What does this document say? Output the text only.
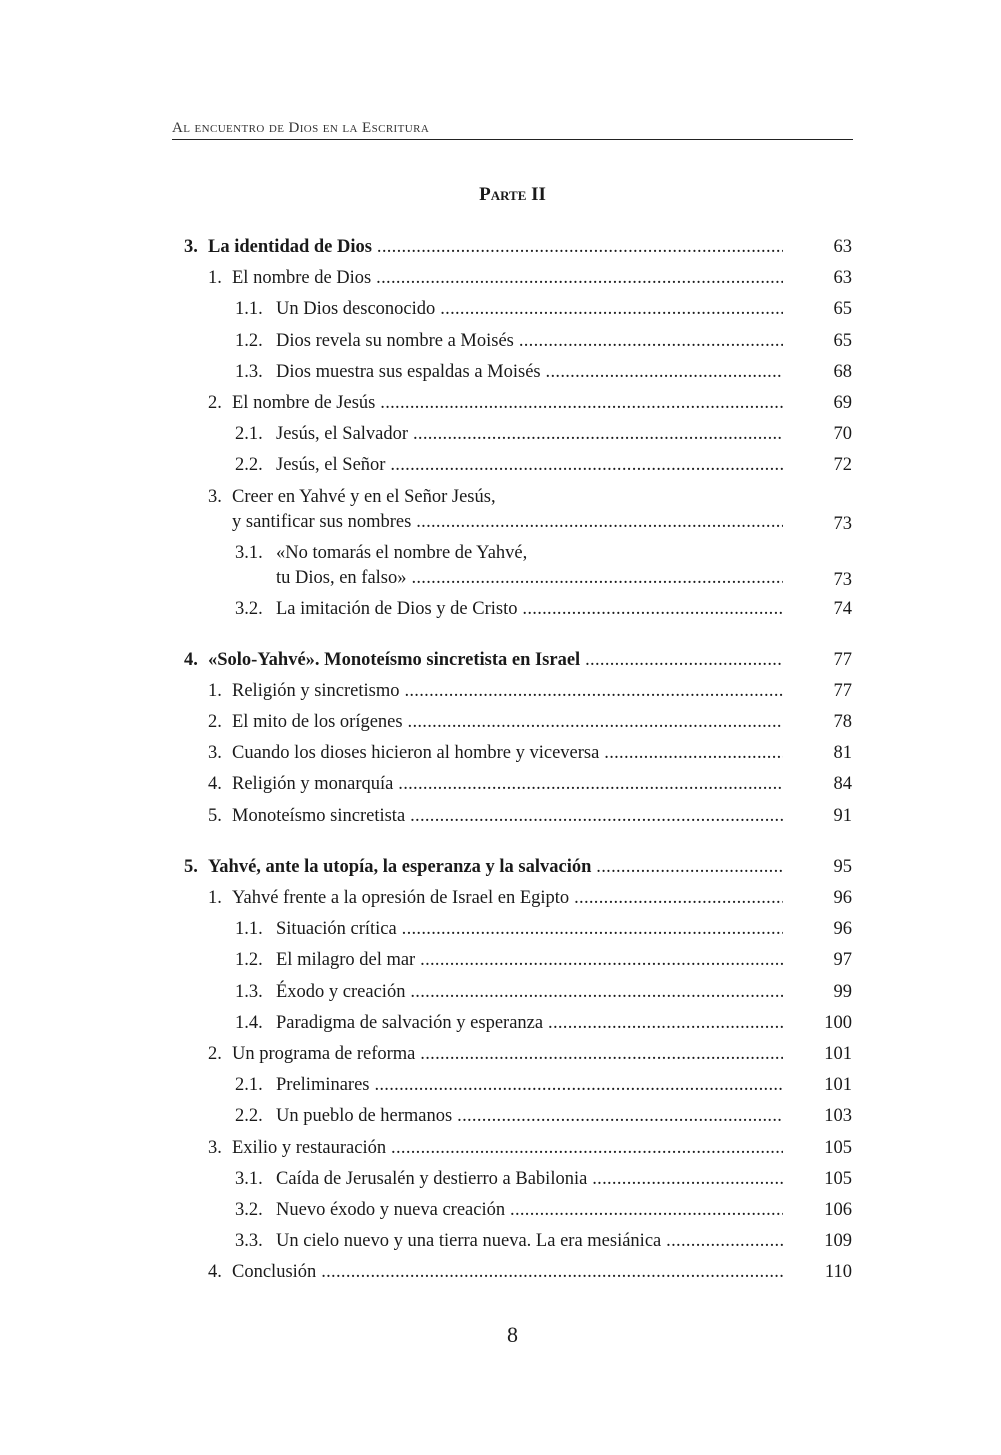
Al encuentro de Dios en la Escritura
Parte II
3. La identidad de Dios .....	63
1. El nombre de Dios .....	63
1.1. Un Dios desconocido .....	65
1.2. Dios revela su nombre a Moisés .....	65
1.3. Dios muestra sus espaldas a Moisés .....	68
2. El nombre de Jesús .....	69
2.1. Jesús, el Salvador .....	70
2.2. Jesús, el Señor .....	72
3. Creer en Yahvé y en el Señor Jesús,
y santificar sus nombres .....	73
3.1. «No tomarás el nombre de Yahvé,
tu Dios, en falso» .....	73
3.2. La imitación de Dios y de Cristo .....	74
4. «Solo-Yahvé». Monoteísmo sincretista en Israel .....	77
1. Religión y sincretismo .....	77
2. El mito de los orígenes .....	78
3. Cuando los dioses hicieron al hombre y viceversa .....	81
4. Religión y monarquía .....	84
5. Monoteísmo sincretista .....	91
5. Yahvé, ante la utopía, la esperanza y la salvación .....	95
1. Yahvé frente a la opresión de Israel en Egipto .....	96
1.1. Situación crítica .....	96
1.2. El milagro del mar .....	97
1.3. Éxodo y creación .....	99
1.4. Paradigma de salvación y esperanza .....	100
2. Un programa de reforma .....	101
2.1. Preliminares .....	101
2.2. Un pueblo de hermanos .....	103
3. Exilio y restauración .....	105
3.1. Caída de Jerusalén y destierro a Babilonia .....	105
3.2. Nuevo éxodo y nueva creación .....	106
3.3. Un cielo nuevo y una tierra nueva. La era mesiánica .....	109
4. Conclusión .....	110
8
